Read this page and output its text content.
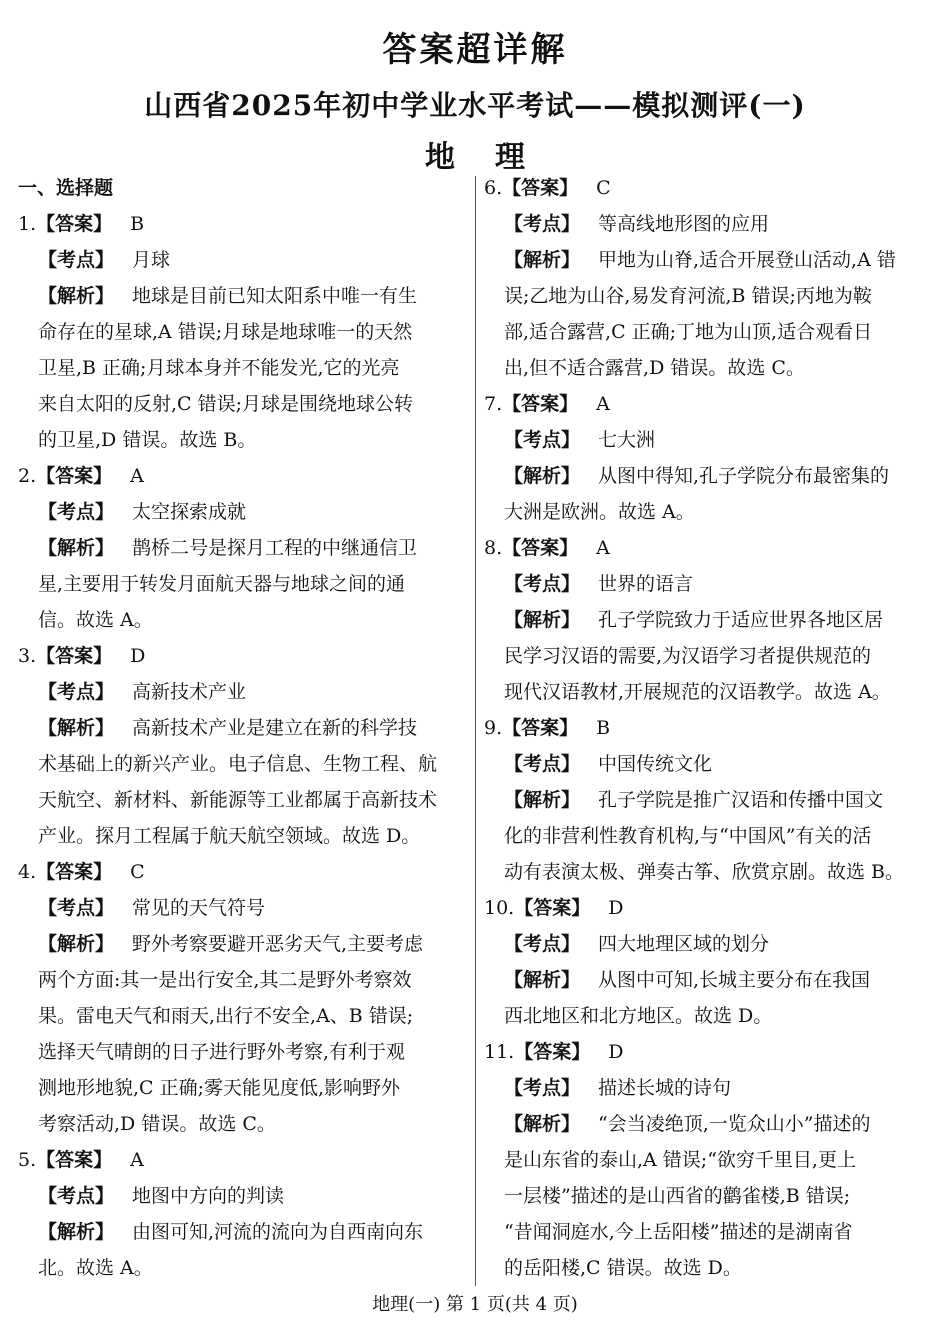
答案超详解
山西省2025年初中学业水平考试——模拟测评(一)
地理
一、选择题
1. 【答案】 B
【考点】 月球
【解析】 地球是目前已知太阳系中唯一有生
命存在的星球,A 错误;月球是地球唯一的天然
卫星,B 正确;月球本身并不能发光,它的光亮
来自太阳的反射,C 错误;月球是围绕地球公转
的卫星,D 错误。故选 B。
2. 【答案】 A
【考点】 太空探索成就
【解析】 鹊桥二号是探月工程的中继通信卫
星,主要用于转发月面航天器与地球之间的通
信。故选 A。
3. 【答案】 D
【考点】 高新技术产业
【解析】 高新技术产业是建立在新的科学技
术基础上的新兴产业。电子信息、生物工程、航
天航空、新材料、新能源等工业都属于高新技术
产业。探月工程属于航天航空领域。故选 D。
4. 【答案】 C
【考点】 常见的天气符号
【解析】 野外考察要避开恶劣天气,主要考虑
两个方面:其一是出行安全,其二是野外考察效
果。雷电天气和雨天,出行不安全,A、B 错误;
选择天气晴朗的日子进行野外考察,有利于观
测地形地貌,C 正确;雾天能见度低,影响野外
考察活动,D 错误。故选 C。
5. 【答案】 A
【考点】 地图中方向的判读
【解析】 由图可知,河流的流向为自西南向东
北。故选 A。
6. 【答案】 C
【考点】 等高线地形图的应用
【解析】 甲地为山脊,适合开展登山活动,A 错
误;乙地为山谷,易发育河流,B 错误;丙地为鞍
部,适合露营,C 正确;丁地为山顶,适合观看日
出,但不适合露营,D 错误。故选 C。
7. 【答案】 A
【考点】 七大洲
【解析】 从图中得知,孔子学院分布最密集的
大洲是欧洲。故选 A。
8. 【答案】 A
【考点】 世界的语言
【解析】 孔子学院致力于适应世界各地区居
民学习汉语的需要,为汉语学习者提供规范的
现代汉语教材,开展规范的汉语教学。故选 A。
9. 【答案】 B
【考点】 中国传统文化
【解析】 孔子学院是推广汉语和传播中国文
化的非营利性教育机构,与“中国风”有关的活
动有表演太极、弹奏古筝、欣赏京剧。故选 B。
10. 【答案】 D
【考点】 四大地理区域的划分
【解析】 从图中可知,长城主要分布在我国
西北地区和北方地区。故选 D。
11. 【答案】 D
【考点】 描述长城的诗句
【解析】 “会当凌绝顶,一览众山小”描述的
是山东省的泰山,A 错误;“欲穷千里目,更上
一层楼”描述的是山西省的鹳雀楼,B 错误;
“昔闻洞庭水,今上岳阳楼”描述的是湖南省
的岳阳楼,C 错误。故选 D。
地理(一) 第 1 页(共 4 页)
